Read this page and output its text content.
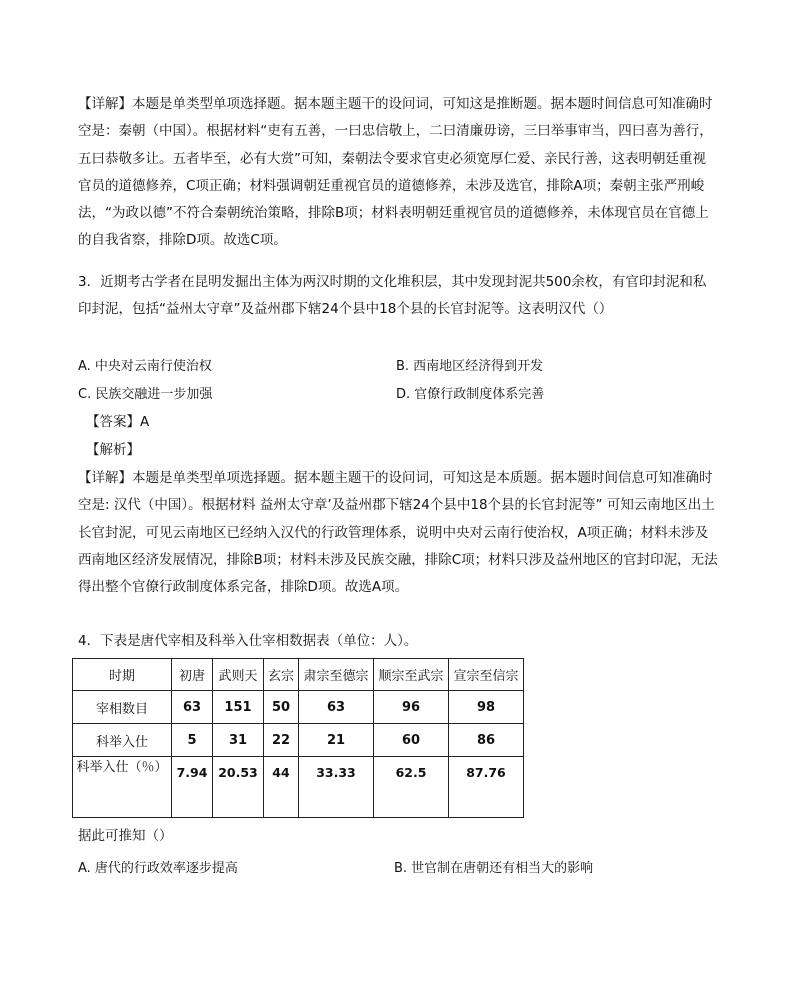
【详解】本题是单类型单项选择题。据本题主题干的设问词，可知这是推断题。据本题时间信息可知准确时空是：秦朝（中国）。根据材料“吏有五善，一曰忠信敬上，二曰清廉毋谤，三曰举事审当，四曰喜为善行，五曰恭敬多让。五者毕至，必有大赏”可知，秦朝法令要求官吏必须宽厚仁爱、亲民行善，这表明朝廷重视官员的道德修养，C项正确；材料强调朝廷重视官员的道德修养，未涉及选官，排除A项；秦朝主张严刑峻法，“为政以德”不符合秦朝统治策略，排除B项；材料表明朝廷重视官员的道德修养，未体现官员在官德上的自我省察，排除D项。故选C项。

3．近期考古学者在昆明发掘出主体为两汉时期的文化堆积层，其中发现封泥共500余枚，有官印封泥和私印封泥，包括“益州太守章”及益州郡下辖24个县中18个县的长官封泥等。这表明汉代（）

A. 中央对云南行使治权	B. 西南地区经济得到开发
C. 民族交融进一步加强	D. 官僚行政制度体系完善
【答案】A
【解析】

【详解】本题是单类型单项选择题。据本题主题干的设问词，可知这是本质题。据本题时间信息可知准确时空是: 汉代（中国）。根据材料 益州太守章’及益州郡下辖24个县中18个县的长官封泥等” 可知云南地区出土长官封泥，可见云南地区已经纳入汉代的行政管理体系，说明中央对云南行使治权，A项正确；材料未涉及西南地区经济发展情况，排除B项；材料未涉及民族交融，排除C项；材料只涉及益州地区的官封印泥，无法得出整个官僚行政制度体系完备，排除D项。故选A项。

4．下表是唐代宰相及科举入仕宰相数据表（单位：人）。
时期	初唐	武则天	玄宗	肃宗至德宗	顺宗至武宗	宣宗至信宗
宰相数目	63	151	50	63	96	98
科举入仕	5	31	22	21	60	86
科举入仕（％）	7.94	20.53	44	33.33	62.5	87.76
据此可推知（）
A. 唐代的行政效率逐步提高	B. 世官制在唐朝还有相当大的影响
